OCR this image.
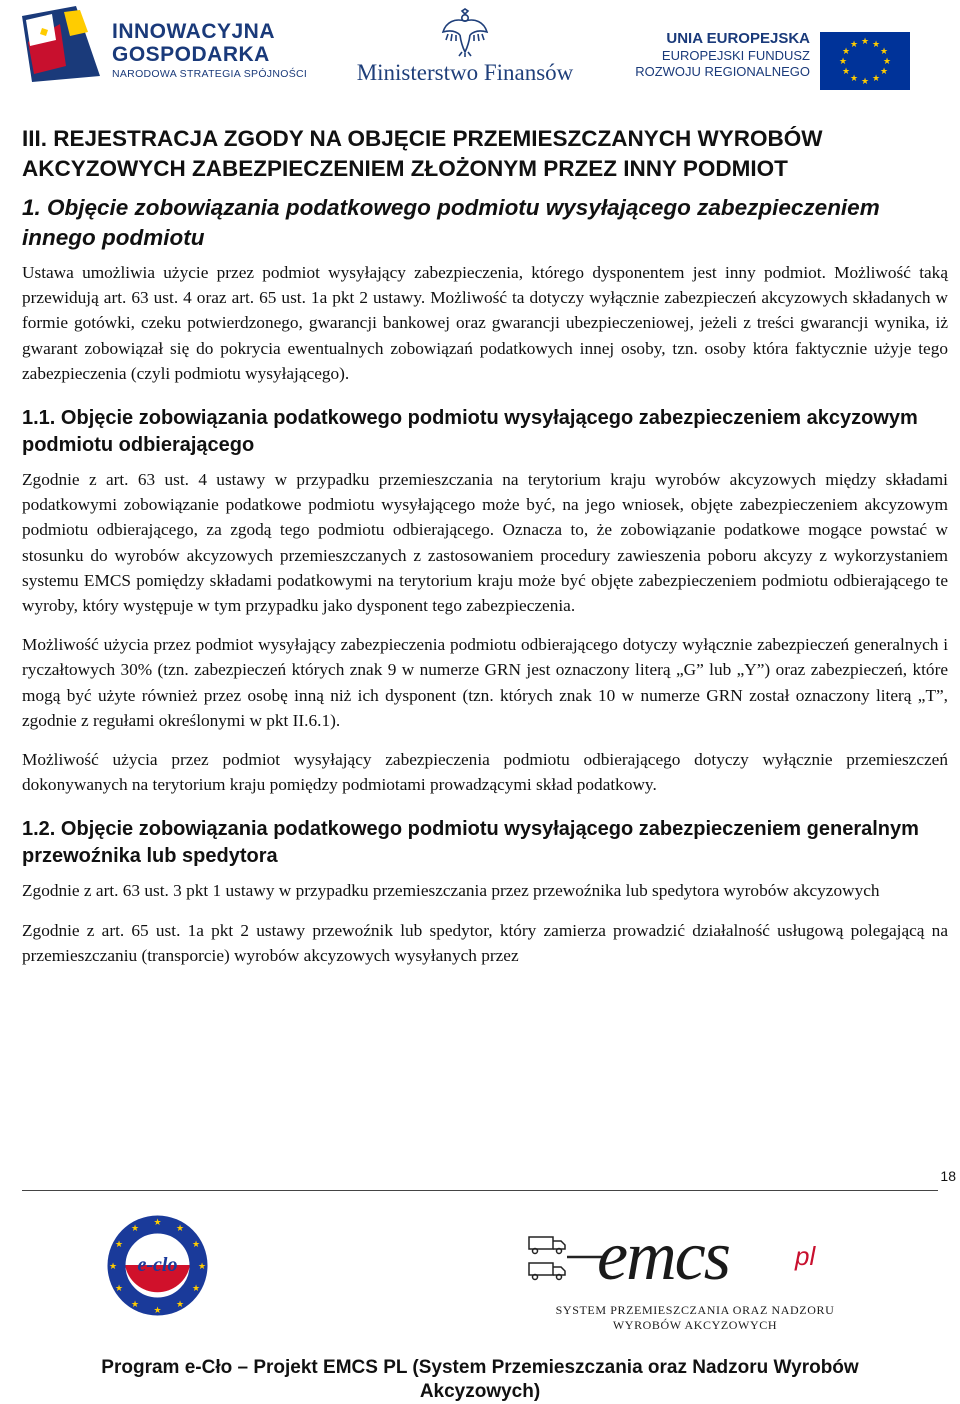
INNOWACYJNA
GOSPODARKA
NARODOWA STRATEGIA SPÓJNOŚCI	Ministerstwo Finansów
UNIA EUROPEJSKA
EUROPEJSKI FUNDUSZ
ROZWOJU REGIONALNEGO
★ ★
★
★
★
★
★
★
★
★
★
★
III. REJESTRACJA ZGODY NA OBJĘCIE PRZEMIESZCZANYCH WYROBÓW AKCYZOWYCH ZABEZPIECZENIEM ZŁOŻONYM PRZEZ INNY PODMIOT
1. Objęcie zobowiązania podatkowego podmiotu wysyłającego zabezpieczeniem innego podmiotu

Ustawa umożliwia użycie przez podmiot wysyłający zabezpieczenia, którego dysponentem jest inny podmiot. Możliwość taką przewidują art. 63 ust. 4 oraz art. 65 ust. 1a pkt 2 ustawy. Możliwość ta dotyczy wyłącznie zabezpieczeń akcyzowych składanych w formie gotówki, czeku potwierdzonego, gwarancji bankowej oraz gwarancji ubezpieczeniowej, jeżeli z treści gwarancji wynika, iż gwarant zobowiązał się do pokrycia ewentualnych zobowiązań podatkowych innej osoby, tzn. osoby która faktycznie użyje tego zabezpieczenia (czyli podmiotu wysyłającego).

1.1. Objęcie zobowiązania podatkowego podmiotu wysyłającego zabezpieczeniem akcyzowym podmiotu odbierającego

Zgodnie z art. 63 ust. 4 ustawy w przypadku przemieszczania na terytorium kraju wyrobów akcyzowych między składami podatkowymi zobowiązanie podatkowe podmiotu wysyłającego może być, na jego wniosek, objęte zabezpieczeniem akcyzowym podmiotu odbierającego, za zgodą tego podmiotu odbierającego. Oznacza to, że zobowiązanie podatkowe mogące powstać w stosunku do wyrobów akcyzowych przemieszczanych z zastosowaniem procedury zawieszenia poboru akcyzy z wykorzystaniem systemu EMCS pomiędzy składami podatkowymi na terytorium kraju może być objęte zabezpieczeniem podmiotu odbierającego te wyroby, który występuje w tym przypadku jako dysponent tego zabezpieczenia.

Możliwość użycia przez podmiot wysyłający zabezpieczenia podmiotu odbierającego dotyczy wyłącznie zabezpieczeń generalnych i ryczałtowych 30% (tzn. zabezpieczeń których znak 9 w numerze GRN jest oznaczony literą „G” lub „Y”) oraz zabezpieczeń, które mogą być użyte również przez osobę inną niż ich dysponent (tzn. których znak 10 w numerze GRN został oznaczony literą „T”, zgodnie z regułami określonymi w pkt II.6.1).

Możliwość użycia przez podmiot wysyłający zabezpieczenia podmiotu odbierającego dotyczy wyłącznie przemieszczeń dokonywanych na terytorium kraju pomiędzy podmiotami prowadzącymi skład podatkowy.

1.2. Objęcie zobowiązania podatkowego podmiotu wysyłającego zabezpieczeniem generalnym przewoźnika lub spedytora

Zgodnie z art. 63 ust. 3 pkt 1 ustawy w przypadku przemieszczania przez przewoźnika lub spedytora wyrobów akcyzowych

Zgodnie z art. 65 ust. 1a pkt 2 ustawy przewoźnik lub spedytor, który zamierza prowadzić działalność usługową polegającą na przemieszczaniu (transporcie) wyrobów akcyzowych wysyłanych przez

18
★
★
★
★
★
★
★
★
★
★
★
★
e-clo	emcs	pl
SYSTEM PRZEMIESZCZANIA ORAZ NADZORU
WYROBÓW AKCYZOWYCH
Program e-Cło – Projekt EMCS PL (System Przemieszczania oraz Nadzoru Wyrobów Akcyzowych)
